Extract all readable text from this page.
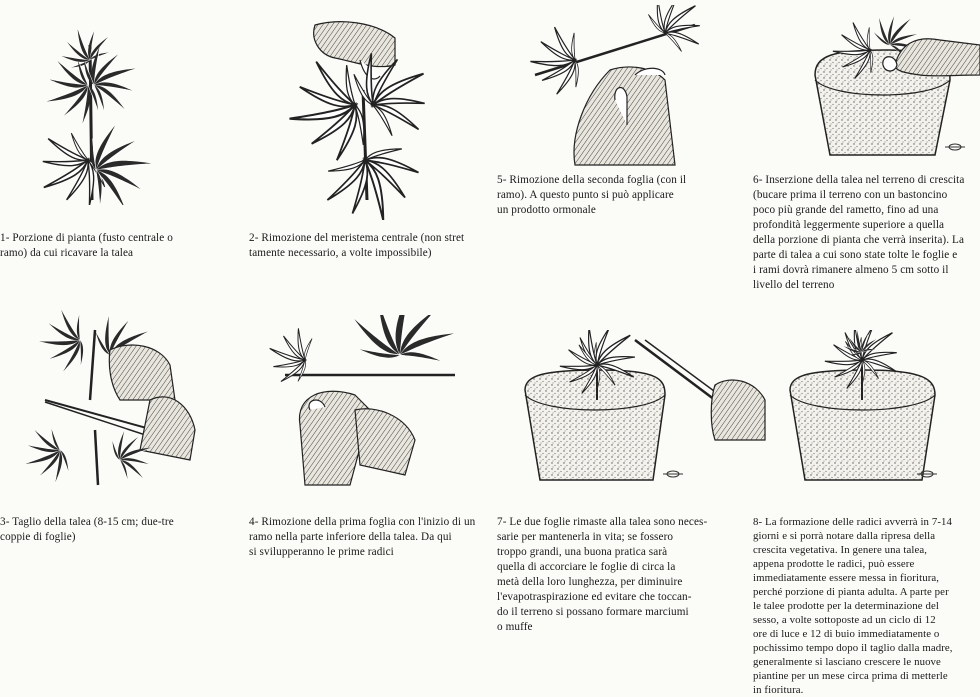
1- Porzione di pianta (fusto centrale o
ramo) da cui ricavare la talea
2- Rimozione del meristema centrale (non stret
tamente necessario, a volte impossibile)
5- Rimozione della seconda foglia (con il
ramo). A questo punto si può applicare
un prodotto ormonale
6- Inserzione della talea nel terreno di crescita
(bucare prima il terreno con un bastoncino
poco più grande del rametto, fino ad una
profondità leggermente superiore a quella
della porzione di pianta che verrà inserita). La
parte di talea a cui sono state tolte le foglie e
i rami dovrà rimanere almeno 5 cm sotto il
livello del terreno
3- Taglio della talea (8-15 cm; due-tre
coppie di foglie)
4- Rimozione della prima foglia con l'inizio di un
ramo nella parte inferiore della talea. Da qui
si svilupperanno le prime radici
7- Le due foglie rimaste alla talea sono neces-
sarie per mantenerla in vita; se fossero
troppo grandi, una buona pratica sarà
quella di accorciare le foglie di circa la
metà della loro lunghezza, per diminuire
l'evapotraspirazione ed evitare che toccan-
do il terreno si possano formare marciumi
o muffe
8- La formazione delle radici avverrà in 7-14
giorni e si porrà notare dalla ripresa della
crescita vegetativa. In genere una talea,
appena prodotte le radici, può essere
immediatamente essere messa in fioritura,
perché porzione di pianta adulta. A parte per
le talee prodotte per la determinazione del
sesso, a volte sottoposte ad un ciclo di 12
ore di luce e 12 di buio immediatamente o
pochissimo tempo dopo il taglio dalla madre,
generalmente si lasciano crescere le nuove
piantine per un mese circa prima di metterle
in fioritura.
